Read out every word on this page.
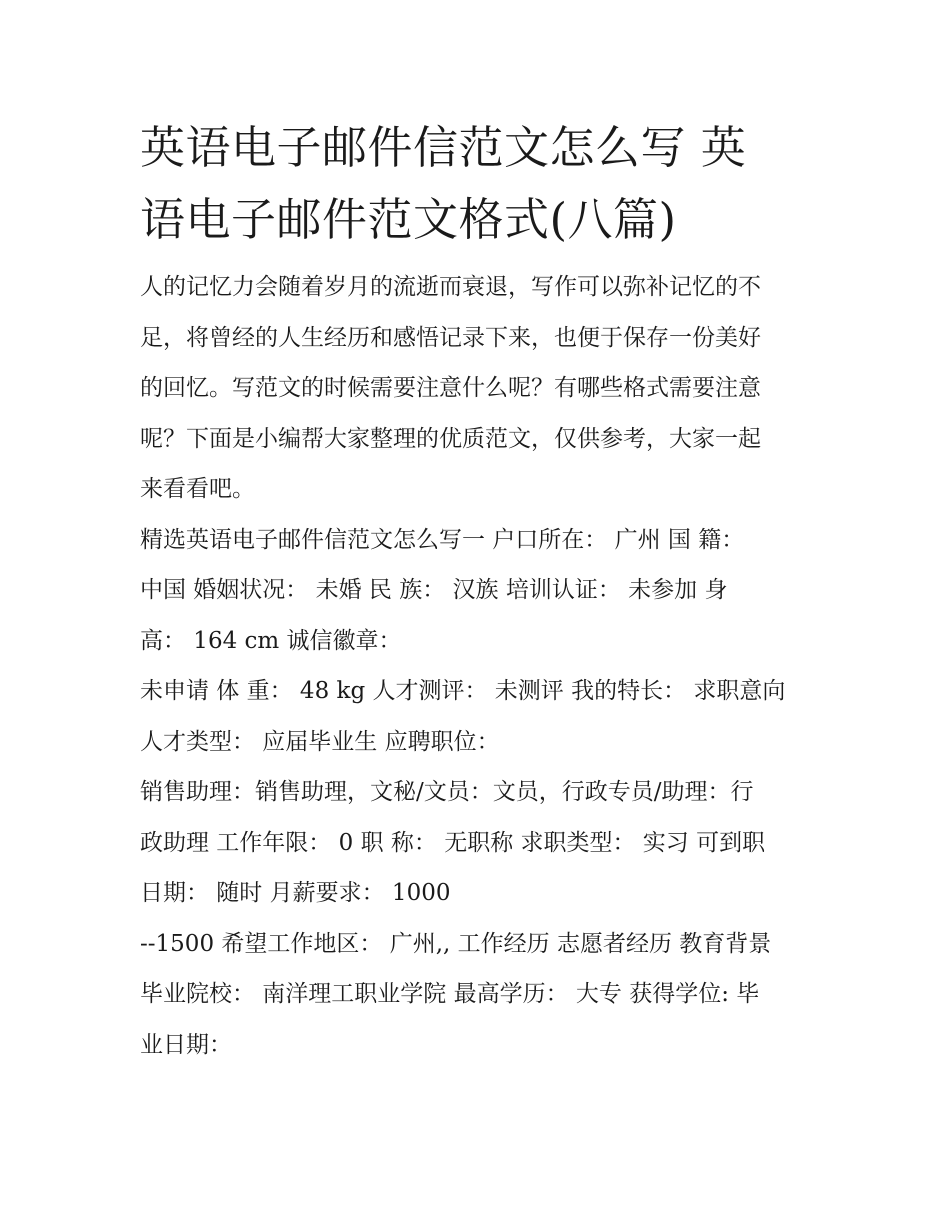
英语电子邮件信范文怎么写 英
语电子邮件范文格式(八篇)

人的记忆力会随着岁月的流逝而衰退，写作可以弥补记忆的不
足，将曾经的人生经历和感悟记录下来，也便于保存一份美好
的回忆。写范文的时候需要注意什么呢？有哪些格式需要注意
呢？下面是小编帮大家整理的优质范文，仅供参考，大家一起
来看看吧。

精选英语电子邮件信范文怎么写一 户口所在： 广州 国 籍：
中国 婚姻状况： 未婚 民 族： 汉族 培训认证： 未参加 身
高： 164 cm 诚信徽章：

未申请 体 重： 48 kg 人才测评： 未测评 我的特长： 求职意向
人才类型： 应届毕业生 应聘职位：

销售助理：销售助理，文秘/文员：文员，行政专员/助理：行
政助理 工作年限： 0 职 称： 无职称 求职类型： 实习 可到职
日期： 随时 月薪要求： 1000

--1500 希望工作地区： 广州,, 工作经历 志愿者经历 教育背景
毕业院校： 南洋理工职业学院 最高学历： 大专 获得学位: 毕
业日期：
